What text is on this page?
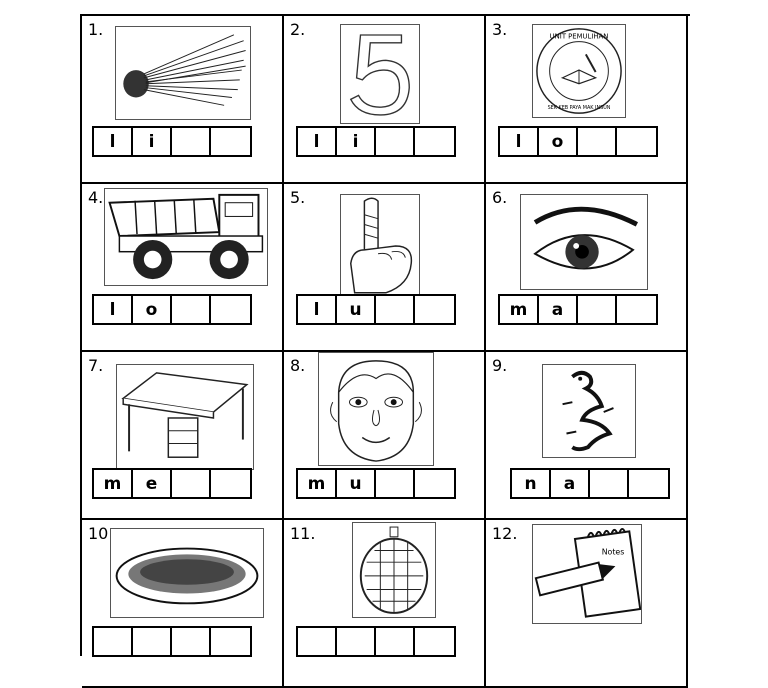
1.
l	i
2.
l	i
3.	UNIT PEMULIHAN
SEK KEB PAYA MAK INSUN
l	o
4.
l	o
5.
l	u
6.
m	a
7.
m	e
8.
m	u
9.
n	a
10	11.	12.
Notes
